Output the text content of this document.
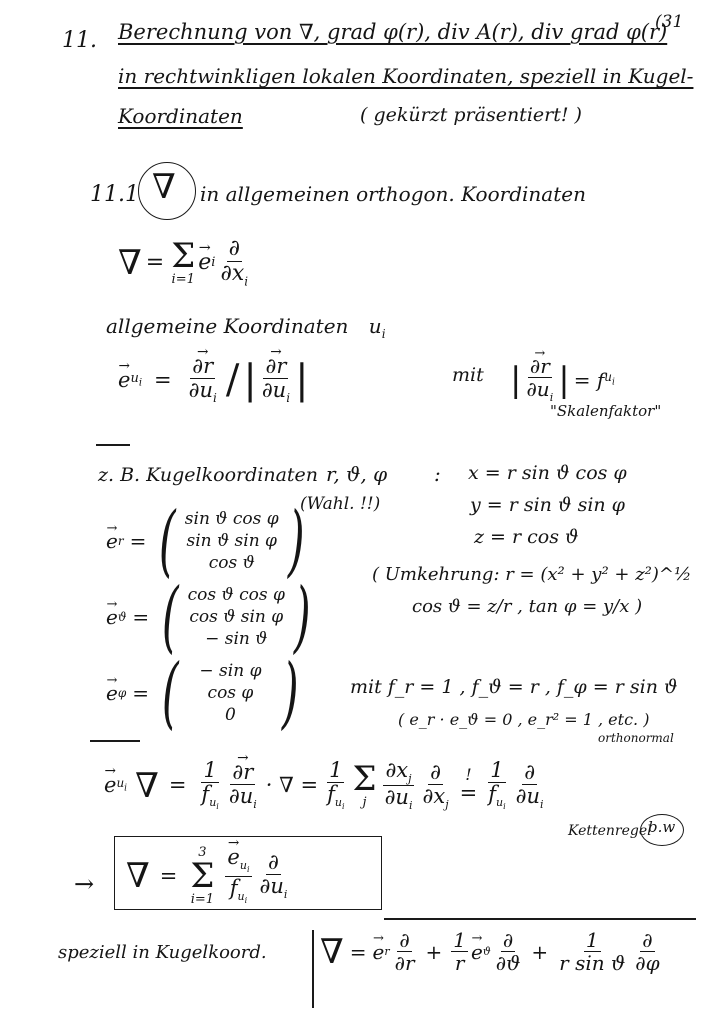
11. Berechnung von ∇, grad φ(r), div A(r), div grad φ(r)
(31
in rechtwinkligen lokalen Koordinaten, speziell in Kugel-
Koordinaten	( gekürzt präsentiert! )
11.1 ∇ in allgemeinen orthogon. Koordinaten
∇ = Σ
i=1
→ e i $\frac{\partial}{\partial x_i}$
allgemeine Koordinaten $u_i$
→ e $u_i$ =
→ $\frac{\partial r}{\partial u_i}$ / |
→ $\frac{\partial r}{\partial u_i}$ |	mit |
→ $\frac{\partial r}{\partial u_i}$ | = f $u_i$
"Skalenfaktor"
z. B. Kugelkoordinaten r, ϑ, φ :
(Wahl. !!)
x = r sin ϑ cos φ
y = r sin ϑ sin φ
z = r cos ϑ
→ e r = ( sin ϑ cos φ
sin ϑ sin φ
cos ϑ )
→ e ϑ = ( cos ϑ cos φ
cos ϑ sin φ
− sin ϑ )
→ e φ = ( − sin φ
cos φ
0 )
( Umkehrung: r = (x² + y² + z²)^½
cos ϑ = z/r , tan φ = y/x )
mit f_r = 1 , f_ϑ = r , f_φ = r sin ϑ
( e_r · e_ϑ = 0 , e_r² = 1 , etc. )
orthonormal
→ e $u_i$ ∇ = $\frac{1}{f_{u_i}}$
→ $\frac{\partial r}{\partial u_i}$ · ∇ = $\frac{1}{f_{u_i}}$ Σ
j $\frac{\partial x_j}{\partial u_i} \frac{\partial}{\partial x_j}$ !
= $\frac{1}{f_{u_i}} \frac{\partial}{\partial u_i}$
Kettenregel
b.w
→ ∇ =
3
Σ
i=1
→ $\frac{e_{u_i}}{f_{u_i}} \frac{\partial}{\partial u_i}$
speziell in Kugelkoord. ∇ =
→ e r $\frac{\partial}{\partial r} + \frac{1}{r}$
→ e ϑ $\frac{\partial}{\partial ϑ} + \frac{1}{\text{r sin ϑ}} \frac{\partial}{\partial\varphi}$
